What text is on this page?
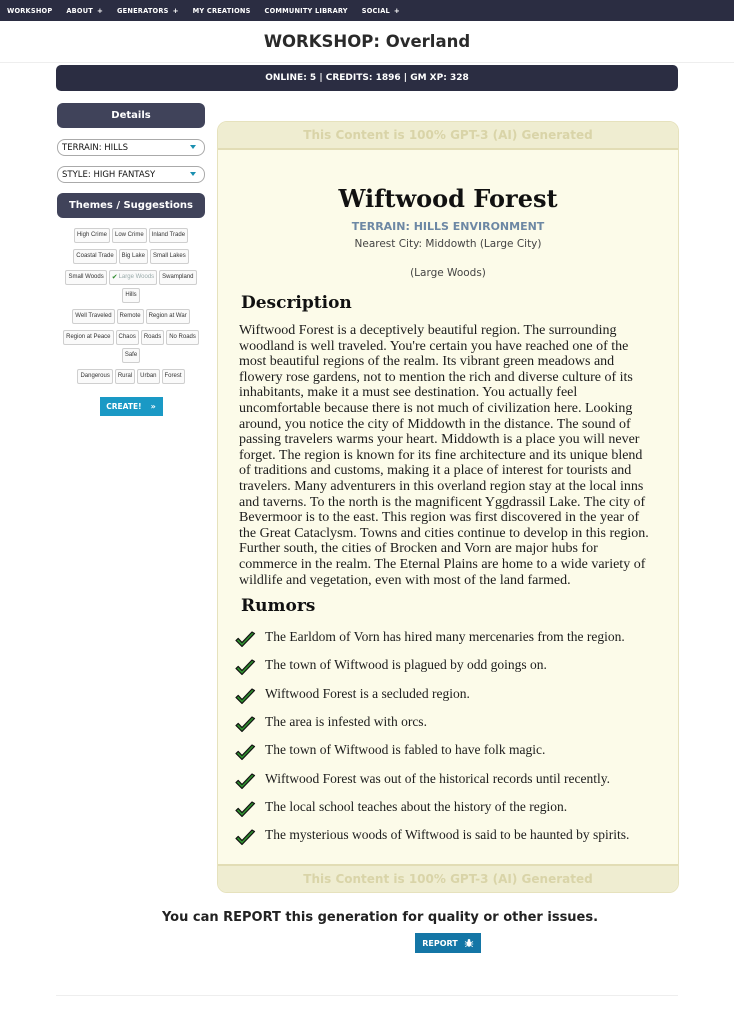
WORKSHOP ABOUT + GENERATORS + MY CREATIONS COMMUNITY LIBRARY SOCIAL +
WORKSHOP: Overland
ONLINE: 5 | CREDITS: 1896 | GM XP: 328
Details
TERRAIN: HILLS
STYLE: HIGH FANTASY
Themes / Suggestions
High Crime Low Crime Inland Trade
Coastal Trade Big Lake Small Lakes
Small Woods ✔ Large Woods Swampland
Hills
Well Traveled Remote Region at War
Region at Peace Chaos Roads No Roads
Safe
Dangerous Rural Urban Forest
CREATE! »
This Content is 100% GPT-3 (AI) Generated
Wiftwood Forest
TERRAIN: HILLS ENVIRONMENT
Nearest City: Middowth (Large City)
(Large Woods)
Description

Wiftwood Forest is a deceptively beautiful region. The surrounding woodland is well traveled. You're certain you have reached one of the most beautiful regions of the realm. Its vibrant green meadows and flowery rose gardens, not to mention the rich and diverse culture of its inhabitants, make it a must see destination. You actually feel uncomfortable because there is not much of civilization here. Looking around, you notice the city of Middowth in the distance. The sound of passing travelers warms your heart. Middowth is a place you will never forget. The region is known for its fine architecture and its unique blend of traditions and customs, making it a place of interest for tourists and travelers. Many adventurers in this overland region stay at the local inns and taverns. To the north is the magnificent Yggdrassil Lake. The city of Bevermoor is to the east. This region was first discovered in the year of the Great Cataclysm. Towns and cities continue to develop in this region. Further south, the cities of Brocken and Vorn are major hubs for commerce in the realm. The Eternal Plains are home to a wide variety of wildlife and vegetation, even with most of the land farmed.

Rumors
The Earldom of Vorn has hired many mercenaries from the region.
The town of Wiftwood is plagued by odd goings on.
Wiftwood Forest is a secluded region.
The area is infested with orcs.
The town of Wiftwood is fabled to have folk magic.
Wiftwood Forest was out of the historical records until recently.
The local school teaches about the history of the region.
The mysterious woods of Wiftwood is said to be haunted by spirits.
This Content is 100% GPT-3 (AI) Generated
You can REPORT this generation for quality or other issues.
REPORT
